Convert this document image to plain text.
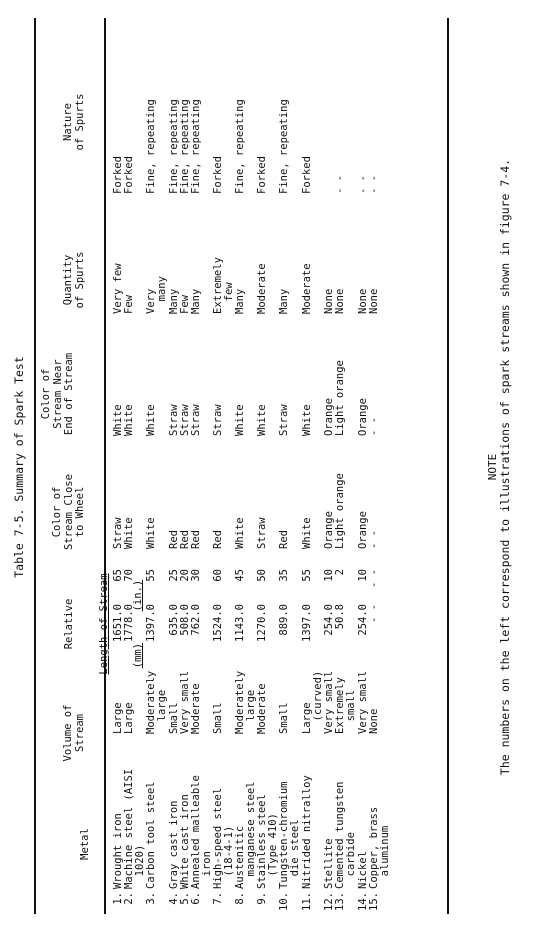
Table 7-5. Summary of Spark Test
Metal
Volume of
Stream

Relative

Length of Stream

(mm)
(in.)

Color of
Stream Close
to Wheel
Color of
Stream Near
End of Stream
Quantity
of Spurts
Nature
of Spurts
1.
Wrought iron
Large
1651.0
65
Straw
White
Very few
Forked
2.
Machine steel (AISI
1020)
Large
1778.0
70
White
White
Few
Forked
3.
Carbon tool steel
Moderately
large
1397.0
55
White
White
Very
many
Fine, repeating
4.
Gray cast iron
Small
635.0
25
Red
Straw
Many
Fine, repeating
5.
White cast iron
Very small
508.0
20
Red
Straw
Few
Fine, repeating
6.
Annealed malleable
iron
Moderate
762.0
30
Red
Straw
Many
Fine, repeating
7.
High-speed steel
(18-4-1)
Small
1524.0
60
Red
Straw
Extremely
few
Forked
8.
Austenitic
manganese steel
Moderately
large
1143.0
45
White
White
Many
Fine, repeating
9.
Stainless steel
(Type 410)
Moderate
1270.0
50
Straw
White
Moderate
Forked
10.
Tungsten-chromium
die steel
Small
889.0
35
Red
Straw
Many
Fine, repeating
11.
Nitrided nitralloy
Large
(curved)
1397.0
55
White
White
Moderate
Forked
12.
Stellite
Very small
254.0
10
Orange
Orange
None
13.
Cemented tungsten
carbide
Extremely
small
50.8
2
Light orange
Light orange
None
- -
14.
Nickel
Very small
254.0
10
Orange
Orange
None
- -
15.
Copper, brass
aluminum
None
- -
- -
- -
- -
None
- -
NOTE The numbers on the left correspond to illustrations of spark streams shown in figure 7-4.
